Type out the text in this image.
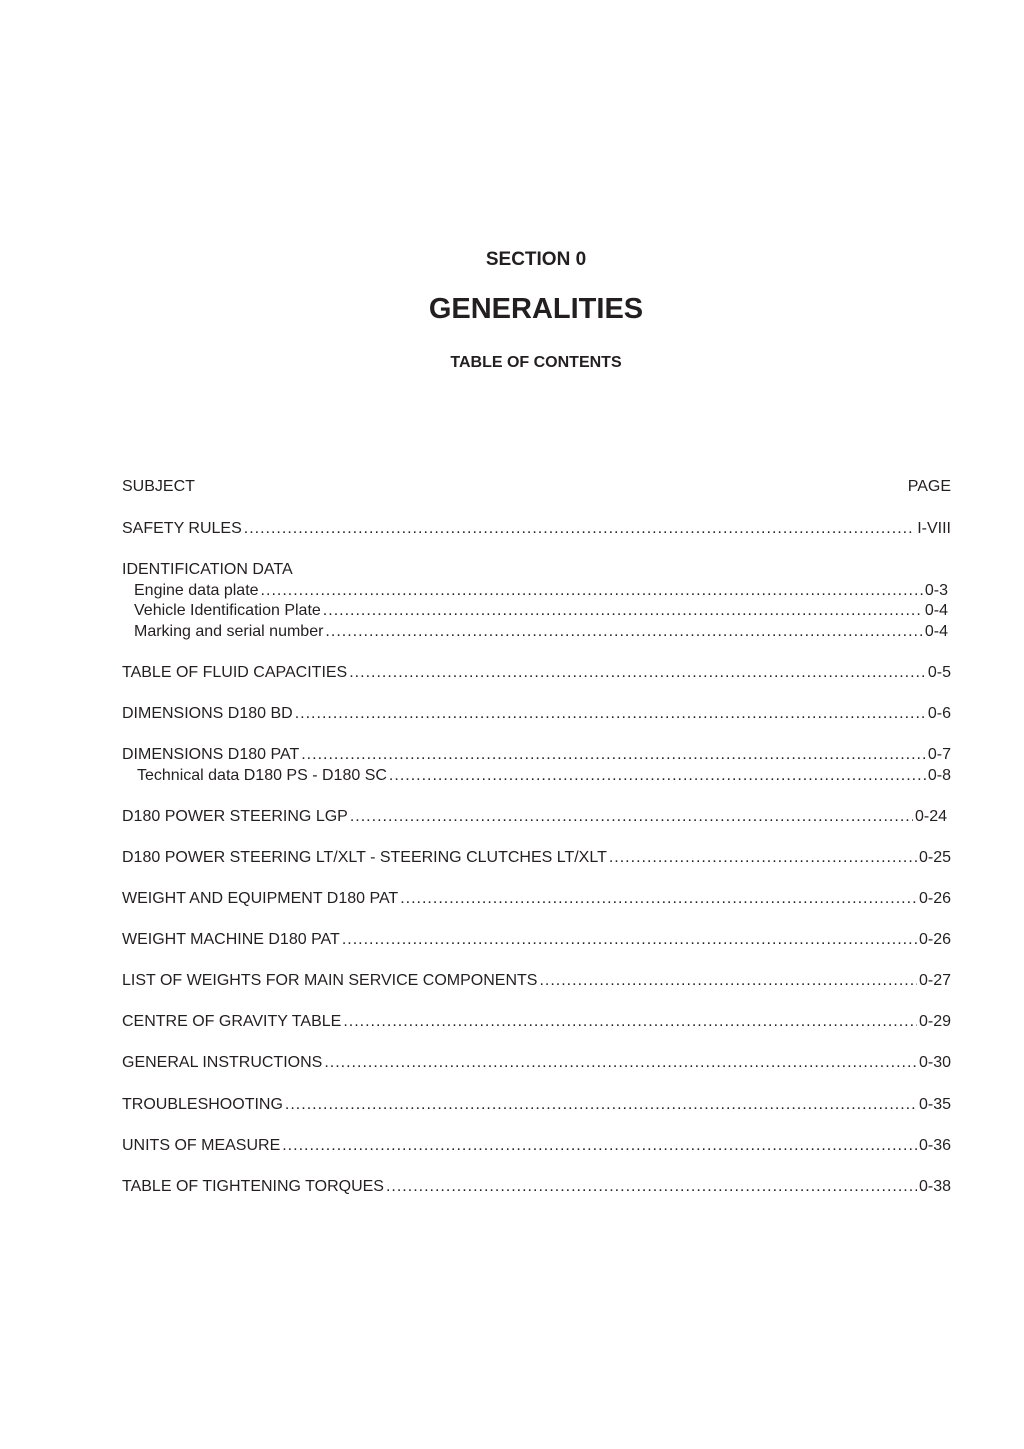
SECTION 0
GENERALITIES
TABLE OF CONTENTS
SUBJECT	PAGE
SAFETY RULES .....	I-VIII
IDENTIFICATION DATA
Engine data plate .....	0-3
Vehicle Identification Plate .....	0-4
Marking and serial number .....	0-4
TABLE OF FLUID CAPACITIES .....	0-5
DIMENSIONS D180 BD .....	0-6
DIMENSIONS D180 PAT .....	0-7
Technical data D180 PS - D180 SC .....	0-8
D180 POWER STEERING LGP .....	0-24
D180 POWER STEERING LT/XLT - STEERING CLUTCHES LT/XLT .....	0-25
WEIGHT AND EQUIPMENT D180 PAT .....	0-26
WEIGHT MACHINE D180 PAT .....	0-26
LIST OF WEIGHTS FOR MAIN SERVICE COMPONENTS .....	0-27
CENTRE OF GRAVITY TABLE .....	0-29
GENERAL INSTRUCTIONS .....	0-30
TROUBLESHOOTING .....	0-35
UNITS OF MEASURE .....	0-36
TABLE OF TIGHTENING TORQUES .....	0-38
